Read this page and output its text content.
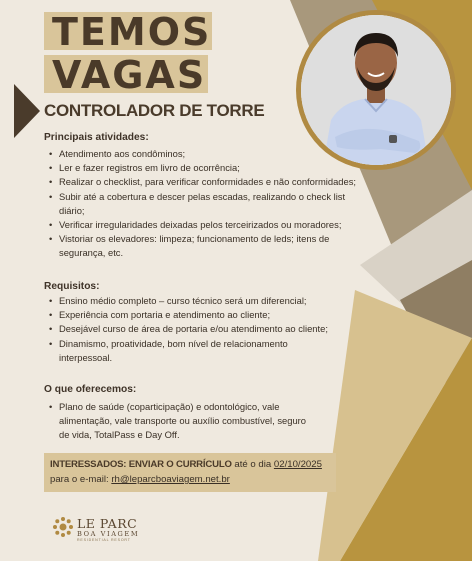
TEMOS
VAGAS
CONTROLADOR DE TORRE
Principais atividades:
• Atendimento aos condôminos;
• Ler e fazer registros em livro de ocorrência;
• Realizar o checklist, para verificar conformidades e não conformidades;
• Subir até a cobertura e descer pelas escadas, realizando o check list diário;
• Verificar irregularidades deixadas pelos terceirizados ou moradores;
• Vistoriar os elevadores: limpeza; funcionamento de leds; itens de segurança, etc.
Requisitos:
• Ensino médio completo – curso técnico será um diferencial;
• Experiência com portaria e atendimento ao cliente;
• Desejável curso de área de portaria e/ou atendimento ao cliente;
• Dinamismo, proatividade, bom nível de relacionamento interpessoal.
O que oferecemos:
• Plano de saúde (coparticipação) e odontológico, vale alimentação, vale transporte ou auxílio combustível, seguro de vida, TotalPass e Day Off.
INTERESSADOS: ENVIAR O CURRÍCULO até o dia 02/10/2025
para o e-mail: rh@leparcboaviagem.net.br
LE PARC
BOA VIAGEM
RESIDENTIAL RESORT
